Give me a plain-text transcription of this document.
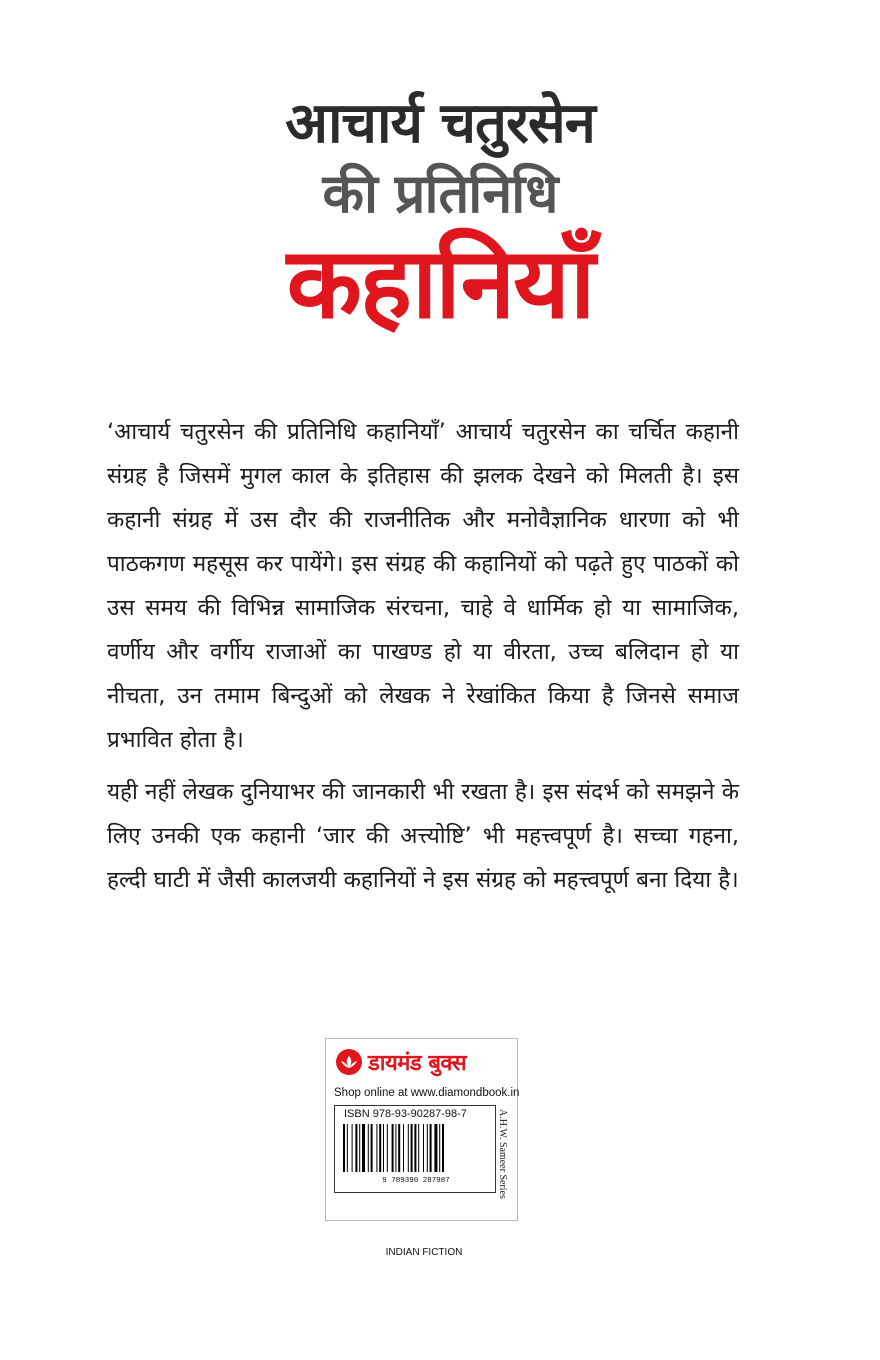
आचार्य चतुरसेन
की प्रतिनिधि
कहानियाँ

‘आचार्य चतुरसेन की प्रतिनिधि कहानियाँ’ आचार्य चतुरसेन का चर्चित कहानी संग्रह है जिसमें मुगल काल के इतिहास की झलक देखने को मिलती है। इस कहानी संग्रह में उस दौर की राजनीतिक और मनोवैज्ञानिक धारणा को भी पाठकगण महसूस कर पायेंगे। इस संग्रह की कहानियों को पढ़ते हुए पाठकों को उस समय की विभिन्न सामाजिक संरचना, चाहे वे धार्मिक हो या सामाजिक, वर्णीय और वर्गीय राजाओं का पाखण्ड हो या वीरता, उच्च बलिदान हो या नीचता, उन तमाम बिन्दुओं को लेखक ने रेखांकित किया है जिनसे समाज प्रभावित होता है।

यही नहीं लेखक दुनियाभर की जानकारी भी रखता है। इस संदर्भ को समझने के लिए उनकी एक कहानी ‘जार की अत्त्योष्टि’ भी महत्त्वपूर्ण है। सच्चा गहना, हल्दी घाटी में जैसी कालजयी कहानियों ने इस संग्रह को महत्त्वपूर्ण बना दिया है।

डायमंड बुक्स
Shop online at www.diamondbook.in
ISBN 978-93-90287-98-7
9 789390 287987
INDIAN FICTION
A.H.W. Sameer Series
